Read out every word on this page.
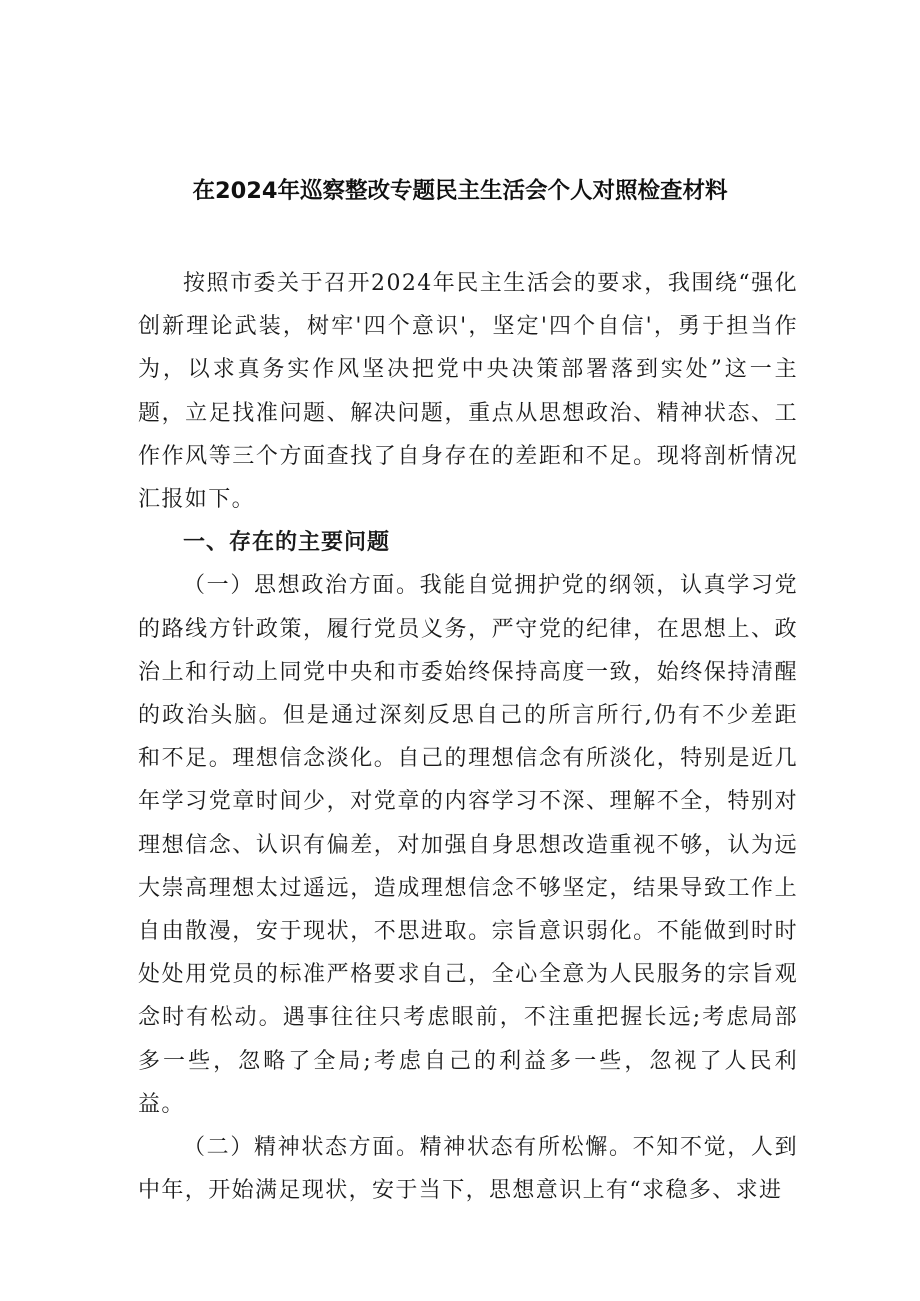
在2024年巡察整改专题民主生活会个人对照检查材料

按照市委关于召开2024年民主生活会的要求，我围绕“强化创新理论武装，树牢'四个意识'，坚定'四个自信'，勇于担当作为，以求真务实作风坚决把党中央决策部署落到实处”这一主题，立足找准问题、解决问题，重点从思想政治、精神状态、工作作风等三个方面查找了自身存在的差距和不足。现将剖析情况汇报如下。

一、存在的主要问题

（一）思想政治方面。我能自觉拥护党的纲领，认真学习党的路线方针政策，履行党员义务，严守党的纪律，在思想上、政治上和行动上同党中央和市委始终保持高度一致，始终保持清醒的政治头脑。但是通过深刻反思自己的所言所行,仍有不少差距和不足。理想信念淡化。自己的理想信念有所淡化，特别是近几年学习党章时间少，对党章的内容学习不深、理解不全，特别对理想信念、认识有偏差，对加强自身思想改造重视不够，认为远大崇高理想太过遥远，造成理想信念不够坚定，结果导致工作上自由散漫，安于现状，不思进取。宗旨意识弱化。不能做到时时处处用党员的标准严格要求自己，全心全意为人民服务的宗旨观念时有松动。遇事往往只考虑眼前，不注重把握长远;考虑局部多一些，忽略了全局;考虑自己的利益多一些，忽视了人民利益。

（二）精神状态方面。精神状态有所松懈。不知不觉，人到中年，开始满足现状，安于当下，思想意识上有“求稳多、求进
